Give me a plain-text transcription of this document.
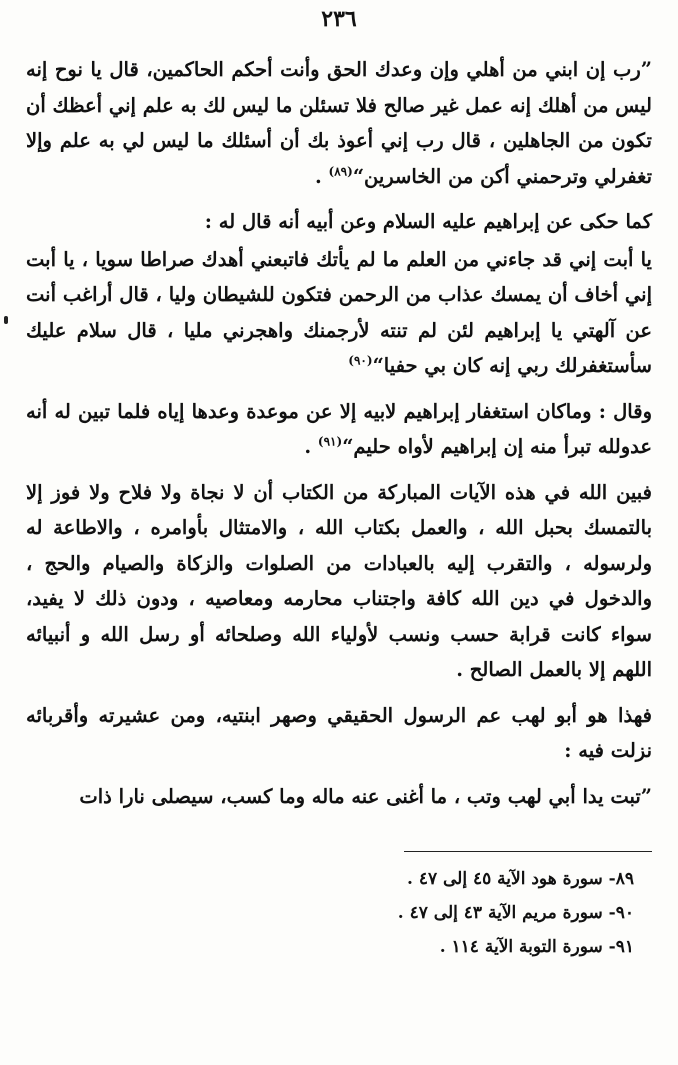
٢٣٦

”رب إن ابني من أهلي وإن وعدك الحق وأنت أحكم الحاكمين، قال يا نوح إنه ليس من أهلك إنه عمل غير صالح فلا تسئلن ما ليس لك به علم إني أعظك أن تكون من الجاهلين ، قال رب إني أعوذ بك أن أسئلك ما ليس لي به علم وإلا تغفرلي وترحمني أكن من الخاسرين“$^{(٨٩)}$ .

كما حكى عن إبراهيم عليه السلام وعن أبيه أنه قال له :

يا أبت إني قد جاءني من العلم ما لم يأتك فاتبعني أهدك صراطا سويا ، يا أبت إني أخاف أن يمسك عذاب من الرحمن فتكون للشيطان وليا ، قال أراغب أنت عن آلهتي يا إبراهيم لئن لم تنته لأرجمنك واهجرني مليا ، قال سلام عليك سأستغفرلك ربي إنه كان بي حفيا“$^{(٩٠)}$

وقال : وماكان استغفار إبراهيم لابيه إلا عن موعدة وعدها إياه فلما تبين له أنه عدولله تبرأ منه إن إبراهيم لأواه حليم“$^{(٩١)}$ .

فبين الله في هذه الآيات المباركة من الكتاب أن لا نجاة ولا فلاح ولا فوز إلا بالتمسك بحبل الله ، والعمل بكتاب الله ، والامتثال بأوامره ، والاطاعة له ولرسوله ، والتقرب إليه بالعبادات من الصلوات والزكاة والصيام والحج ، والدخول في دين الله كافة واجتناب محارمه ومعاصيه ، ودون ذلك لا يفيد، سواء كانت قرابة حسب ونسب لأولياء الله وصلحائه أو رسل الله و أنبيائه اللهم إلا بالعمل الصالح .

فهذا هو أبو لهب عم الرسول الحقيقي وصهر ابنتيه، ومن عشيرته وأقربائه نزلت فيه :

”تبت يدا أبي لهب وتب ، ما أغنى عنه ماله وما كسب، سيصلى نارا ذات

٨٩- سورة هود الآية ٤٥ إلى ٤٧ .

٩٠- سورة مريم الآية ٤٣ إلى ٤٧ .

٩١- سورة التوبة الآية ١١٤ .
